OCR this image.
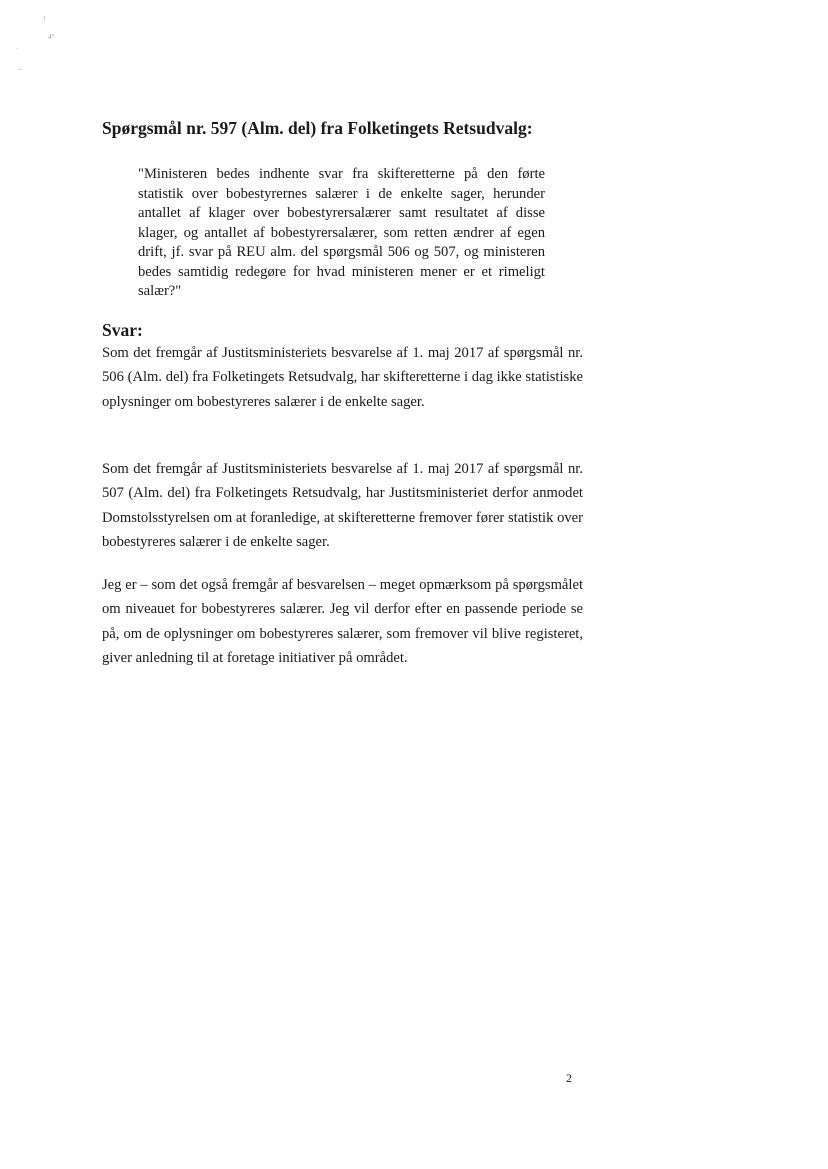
!
4°
·
~
Spørgsmål nr. 597 (Alm. del) fra Folketingets Retsudvalg:

"Ministeren bedes indhente svar fra skifteretterne på den førte statistik over bobestyrernes salærer i de enkelte sager, herunder antallet af klager over bobestyrersalærer samt resultatet af disse klager, og antallet af bobestyrersalærer, som retten ændrer af egen drift, jf. svar på REU alm. del spørgsmål 506 og 507, og ministeren bedes samtidig redegøre for hvad ministeren mener er et rimeligt salær?"

Svar:

Som det fremgår af Justitsministeriets besvarelse af 1. maj 2017 af spørgsmål nr. 506 (Alm. del) fra Folketingets Retsudvalg, har skifteretterne i dag ikke statistiske oplysninger om bobestyreres salærer i de enkelte sager.

Som det fremgår af Justitsministeriets besvarelse af 1. maj 2017 af spørgsmål nr. 507 (Alm. del) fra Folketingets Retsudvalg, har Justitsministeriet derfor anmodet Domstolsstyrelsen om at foranledige, at skifteretterne fremover fører statistik over bobestyreres salærer i de enkelte sager.

Jeg er – som det også fremgår af besvarelsen – meget opmærksom på spørgsmålet om niveauet for bobestyreres salærer. Jeg vil derfor efter en passende periode se på, om de oplysninger om bobestyreres salærer, som fremover vil blive registeret, giver anledning til at foretage initiativer på området.

2
